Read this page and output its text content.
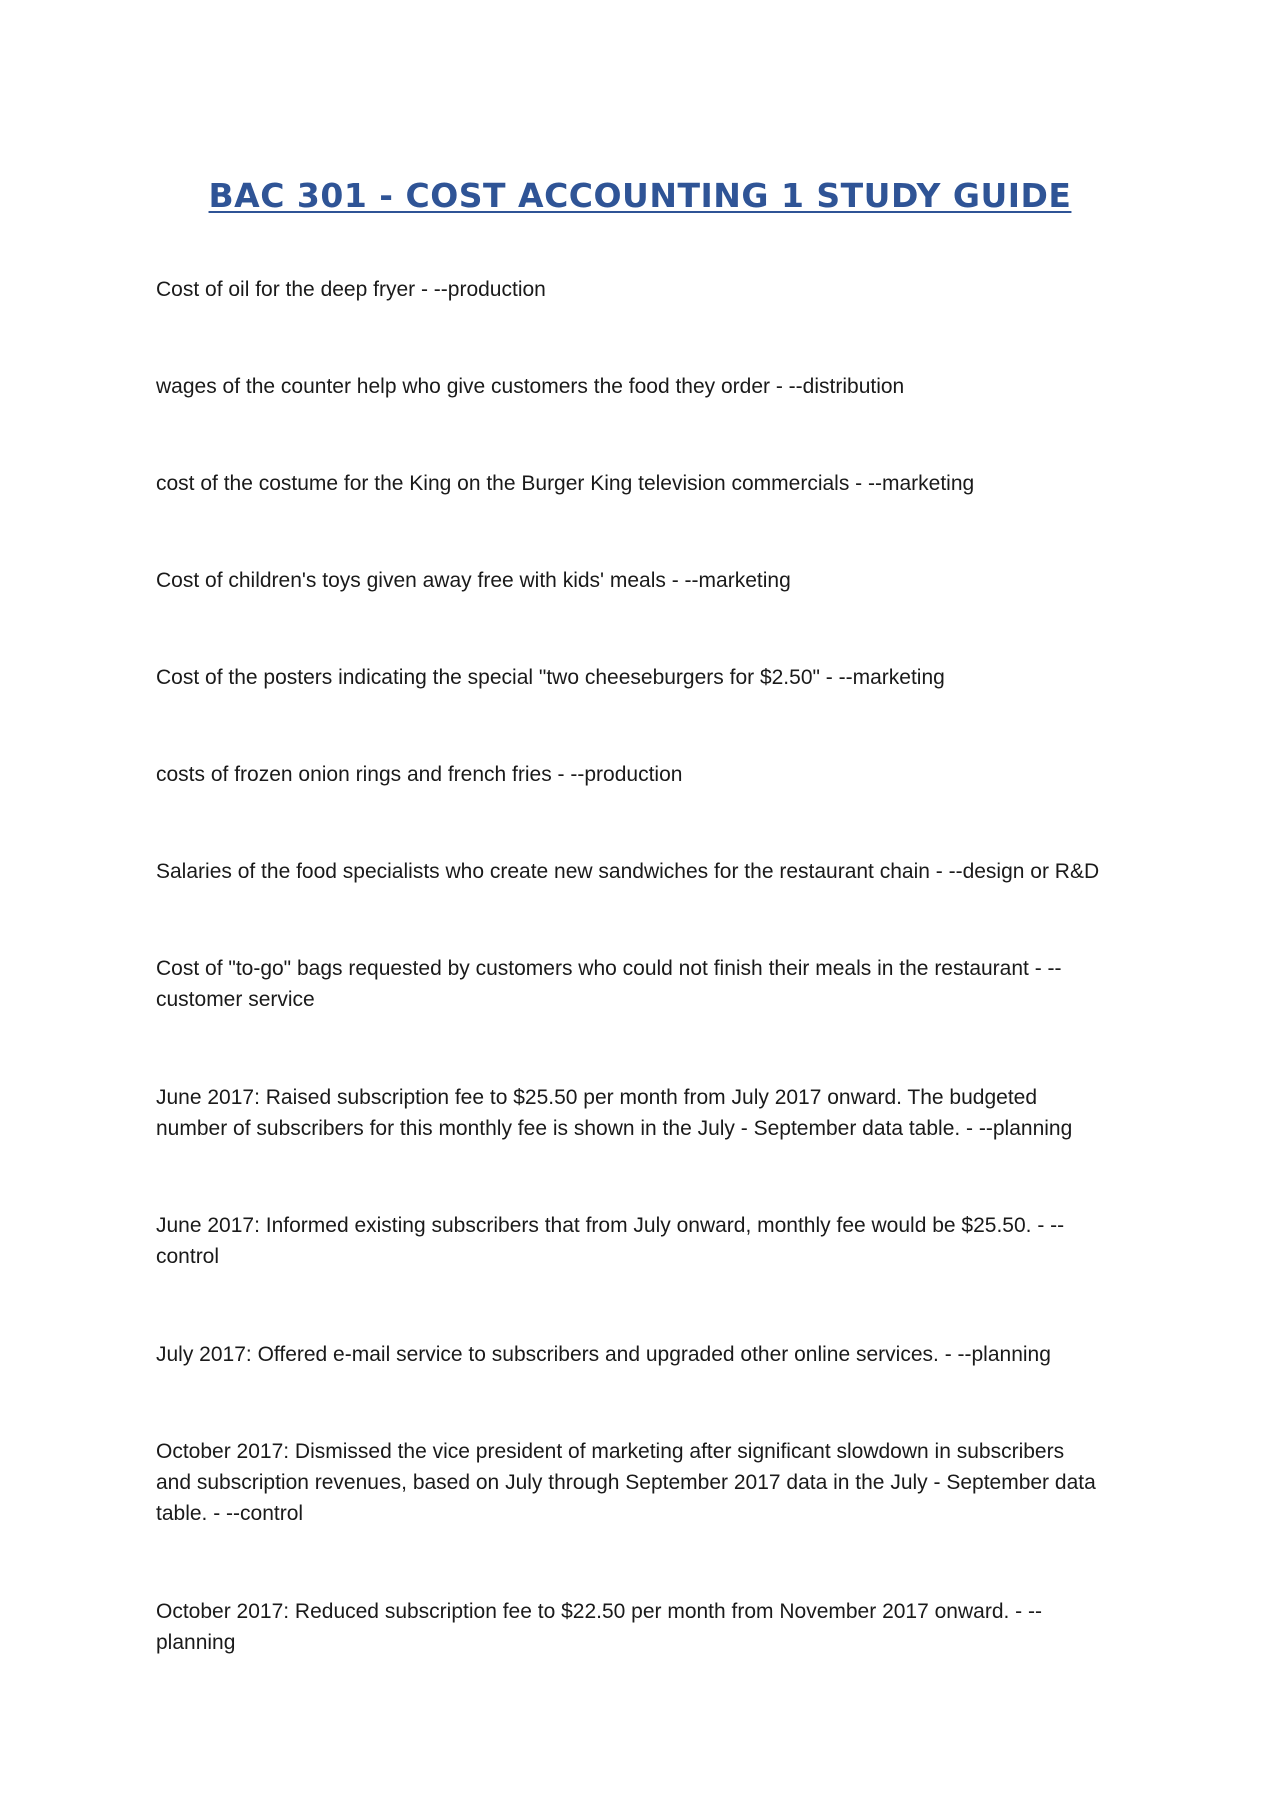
BAC 301 - COST ACCOUNTING 1 STUDY GUIDE

Cost of oil for the deep fryer - --production

wages of the counter help who give customers the food they order - --distribution

cost of the costume for the King on the Burger King television commercials - --marketing

Cost of children's toys given away free with kids' meals - --marketing

Cost of the posters indicating the special "two cheeseburgers for $2.50" - --marketing

costs of frozen onion rings and french fries - --production

Salaries of the food specialists who create new sandwiches for the restaurant chain - --design or R&D

Cost of "to-go" bags requested by customers who could not finish their meals in the restaurant - --
customer service

June 2017: Raised subscription fee to $25.50 per month from July 2017 onward. The budgeted
number of subscribers for this monthly fee is shown in the July - September data table. - --planning

June 2017: Informed existing subscribers that from July onward, monthly fee would be $25.50. - --
control

July 2017: Offered e-mail service to subscribers and upgraded other online services. - --planning

October 2017: Dismissed the vice president of marketing after significant slowdown in subscribers
and subscription revenues, based on July through September 2017 data in the July - September data
table. - --control

October 2017: Reduced subscription fee to $22.50 per month from November 2017 onward. - --
planning
